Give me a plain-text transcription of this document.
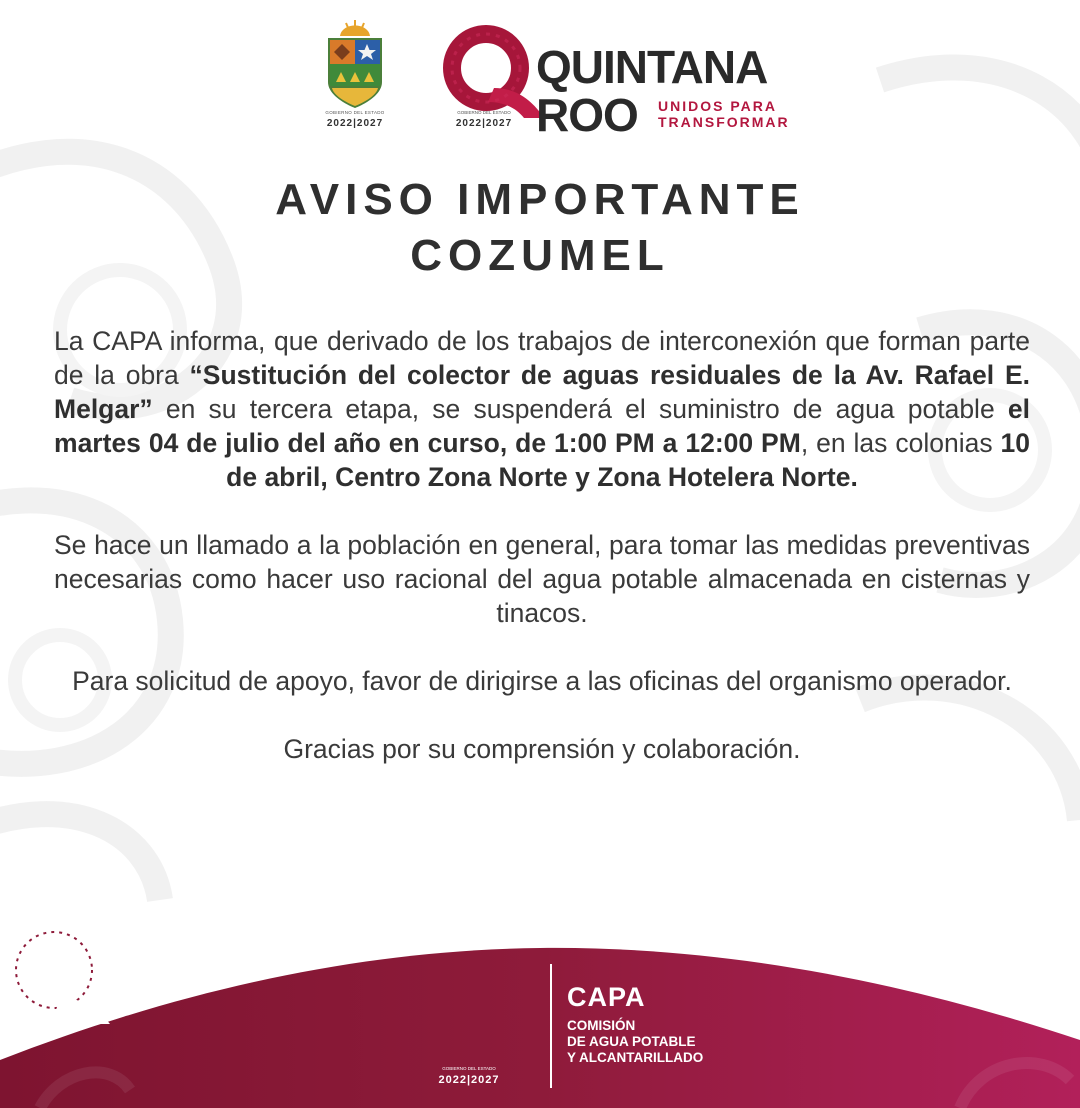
GOBIERNO DEL ESTADO
2022|2027
QUINTANA
ROO UNIDOS PARA
TRANSFORMAR
GOBIERNO DEL ESTADO
2022|2027
AVISO IMPORTANTE
COZUMEL

La CAPA informa, que derivado de los trabajos de interconexión que forman parte de la obra “Sustitución del colector de aguas residuales de la Av. Rafael E. Melgar” en su tercera etapa, se suspenderá el suministro de agua potable el martes 04 de julio del año en curso, de 1:00 PM a 12:00 PM, en las colonias 10 de abril, Centro Zona Norte y Zona Hotelera Norte.

Se hace un llamado a la población en general, para tomar las medidas preventivas necesarias como hacer uso racional del agua potable almacenada en cisternas y tinacos.

Para solicitud de apoyo, favor de dirigirse a las oficinas del organismo operador.

Gracias por su comprensión y colaboración.

GOBIERNO DEL ESTADO
2022|2027
CAPA
COMISIÓN
DE AGUA POTABLE
Y ALCANTARILLADO
